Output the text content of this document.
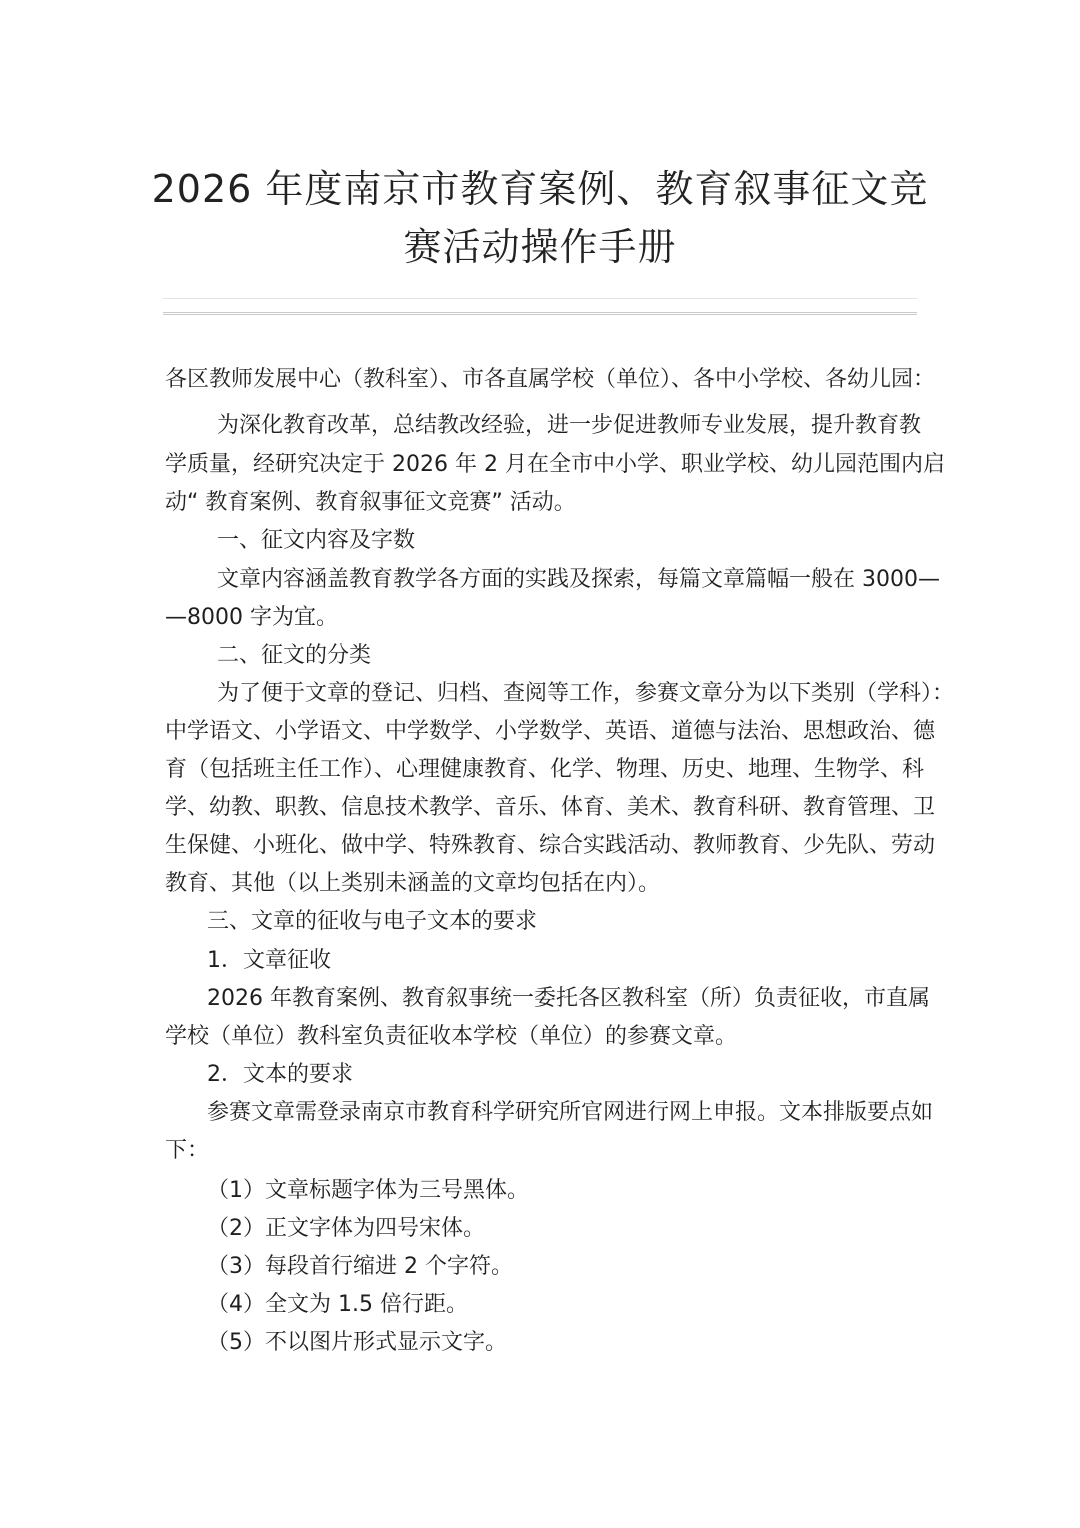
2026 年度南京市教育案例、教育叙事征文竞
赛活动操作手册
各区教师发展中心（教科室）、市各直属学校（单位）、各中小学校、各幼儿园：
为深化教育改革，总结教改经验，进一步促进教师专业发展，提升教育教
学质量，经研究决定于 2026 年 2 月在全市中小学、职业学校、幼儿园范围内启
动“ 教育案例、教育叙事征文竞赛” 活动。
一、征文内容及字数
文章内容涵盖教育教学各方面的实践及探索，每篇文章篇幅一般在 3000—
—8000 字为宜。
二、征文的分类
为了便于文章的登记、归档、查阅等工作，参赛文章分为以下类别（学科）：
中学语文、小学语文、中学数学、小学数学、英语、道德与法治、思想政治、德
育（包括班主任工作）、心理健康教育、化学、物理、历史、地理、生物学、科
学、幼教、职教、信息技术教学、音乐、体育、美术、教育科研、教育管理、卫
生保健、小班化、做中学、特殊教育、综合实践活动、教师教育、少先队、劳动
教育、其他（以上类别未涵盖的文章均包括在内）。
三、文章的征收与电子文本的要求
1．文章征收
2026 年教育案例、教育叙事统一委托各区教科室（所）负责征收，市直属
学校（单位）教科室负责征收本学校（单位）的参赛文章。
2．文本的要求
参赛文章需登录南京市教育科学研究所官网进行网上申报。文本排版要点如
下：
（1）文章标题字体为三号黑体。
（2）正文字体为四号宋体。
（3）每段首行缩进 2 个字符。
（4）全文为 1.5 倍行距。
（5）不以图片形式显示文字。
